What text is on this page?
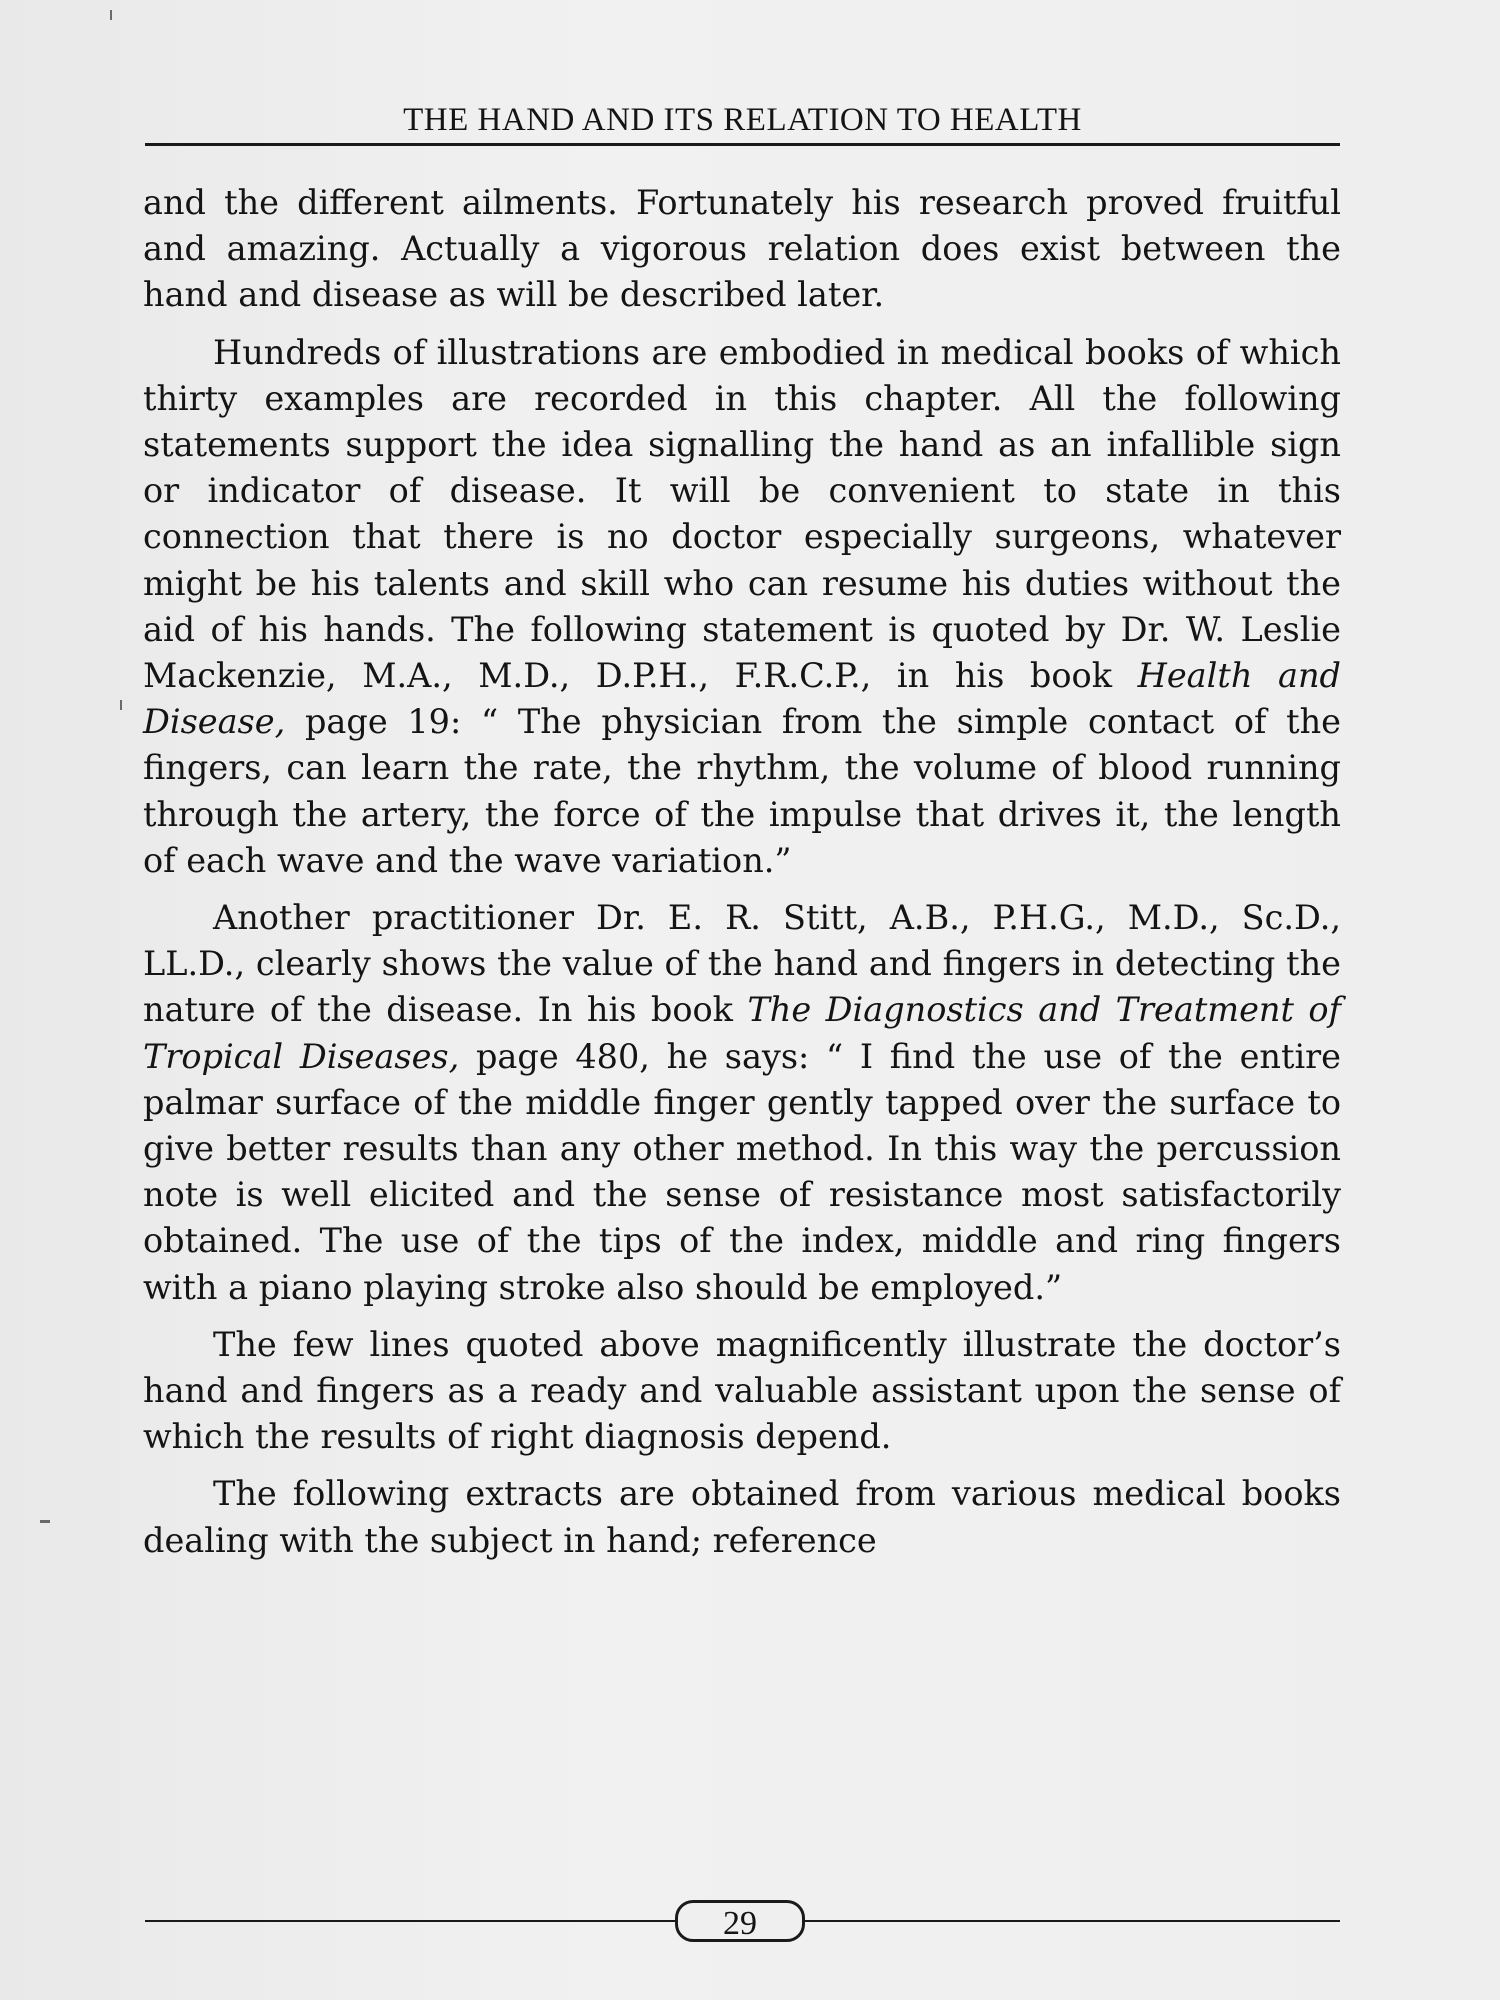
THE HAND AND ITS RELATION TO HEALTH

and the different ailments. Fortunately his research proved fruitful and amazing. Actually a vigorous relation does exist between the hand and disease as will be described later.

Hundreds of illustrations are embodied in medical books of which thirty examples are recorded in this chapter. All the following statements support the idea signalling the hand as an infallible sign or indicator of disease. It will be convenient to state in this connection that there is no doctor especially surgeons, whatever might be his talents and skill who can resume his duties without the aid of his hands. The following statement is quoted by Dr. W. Leslie Mackenzie, M.A., M.D., D.P.H., F.R.C.P., in his book Health and Disease, page 19: “ The physician from the simple contact of the fingers, can learn the rate, the rhythm, the volume of blood running through the artery, the force of the impulse that drives it, the length of each wave and the wave variation.”

Another practitioner Dr. E. R. Stitt, A.B., P.H.G., M.D., Sc.D., LL.D., clearly shows the value of the hand and fingers in detecting the nature of the disease. In his book The Diagnostics and Treatment of Tropical Diseases, page 480, he says: “ I find the use of the entire palmar surface of the middle finger gently tapped over the surface to give better results than any other method. In this way the percussion note is well elicited and the sense of resistance most satisfactorily obtained. The use of the tips of the index, middle and ring fingers with a piano playing stroke also should be employed.”

The few lines quoted above magnificently illustrate the doctor’s hand and fingers as a ready and valuable assistant upon the sense of which the results of right diagnosis depend.

The following extracts are obtained from various medical books dealing with the subject in hand; reference

29
